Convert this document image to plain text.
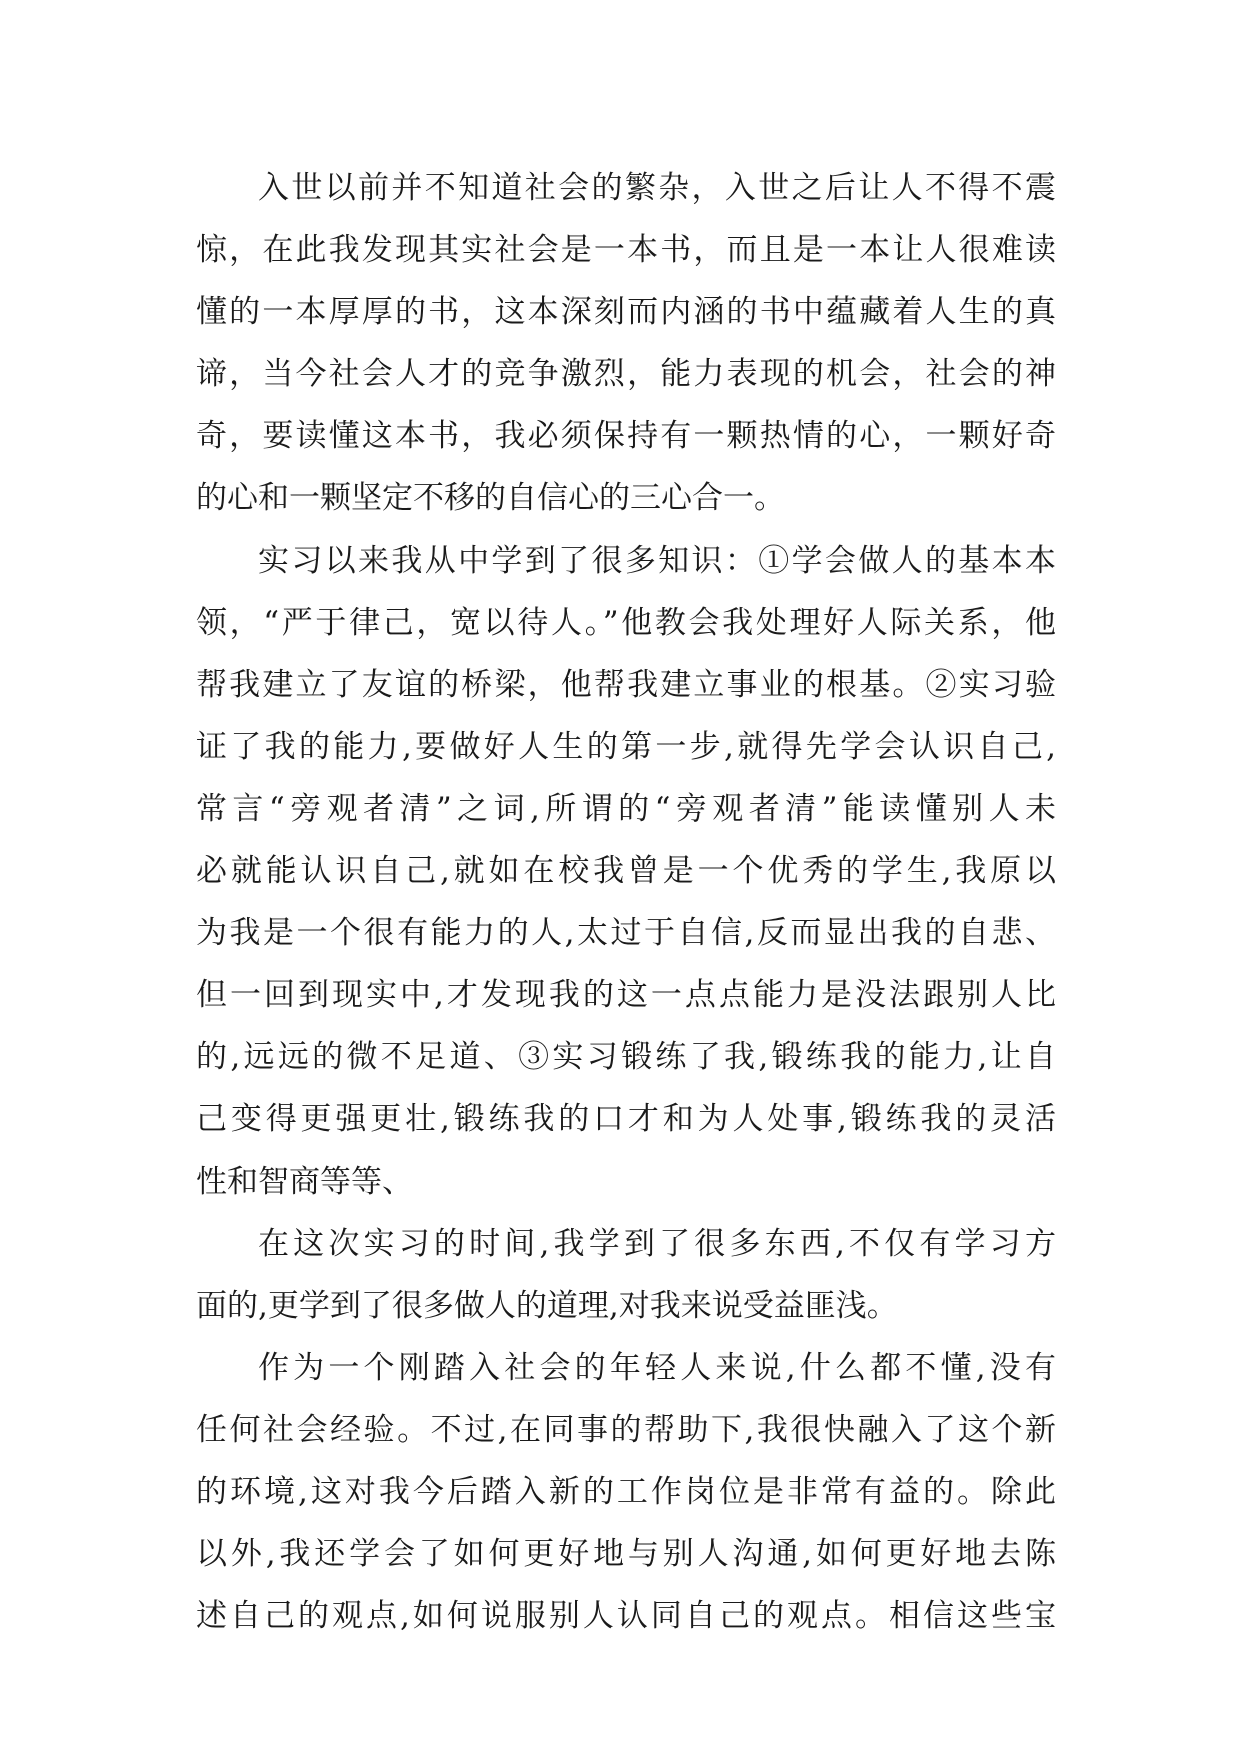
入世以前并不知道社会的繁杂，入世之后让人不得不震
惊，在此我发现其实社会是一本书，而且是一本让人很难读
懂的一本厚厚的书，这本深刻而内涵的书中蕴藏着人生的真
谛，当今社会人才的竞争激烈，能力表现的机会，社会的神
奇，要读懂这本书，我必须保持有一颗热情的心，一颗好奇
的心和一颗坚定不移的自信心的三心合一。
实习以来我从中学到了很多知识：①学会做人的基本本
领，“严于律己，宽以待人。”他教会我处理好人际关系，他
帮我建立了友谊的桥梁，他帮我建立事业的根基。②实习验
证了我的能力,要做好人生的第一步,就得先学会认识自己,
常言“旁观者清”之词,所谓的“旁观者清”能读懂别人未
必就能认识自己,就如在校我曾是一个优秀的学生,我原以
为我是一个很有能力的人,太过于自信,反而显出我的自悲、
但一回到现实中,才发现我的这一点点能力是没法跟别人比
的,远远的微不足道、③实习锻练了我,锻练我的能力,让自
己变得更强更壮,锻练我的口才和为人处事,锻练我的灵活
性和智商等等、
在这次实习的时间,我学到了很多东西,不仅有学习方
面的,更学到了很多做人的道理,对我来说受益匪浅。
作为一个刚踏入社会的年轻人来说,什么都不懂,没有
任何社会经验。不过,在同事的帮助下,我很快融入了这个新
的环境,这对我今后踏入新的工作岗位是非常有益的。除此
以外,我还学会了如何更好地与别人沟通,如何更好地去陈
述自己的观点,如何说服别人认同自己的观点。相信这些宝
